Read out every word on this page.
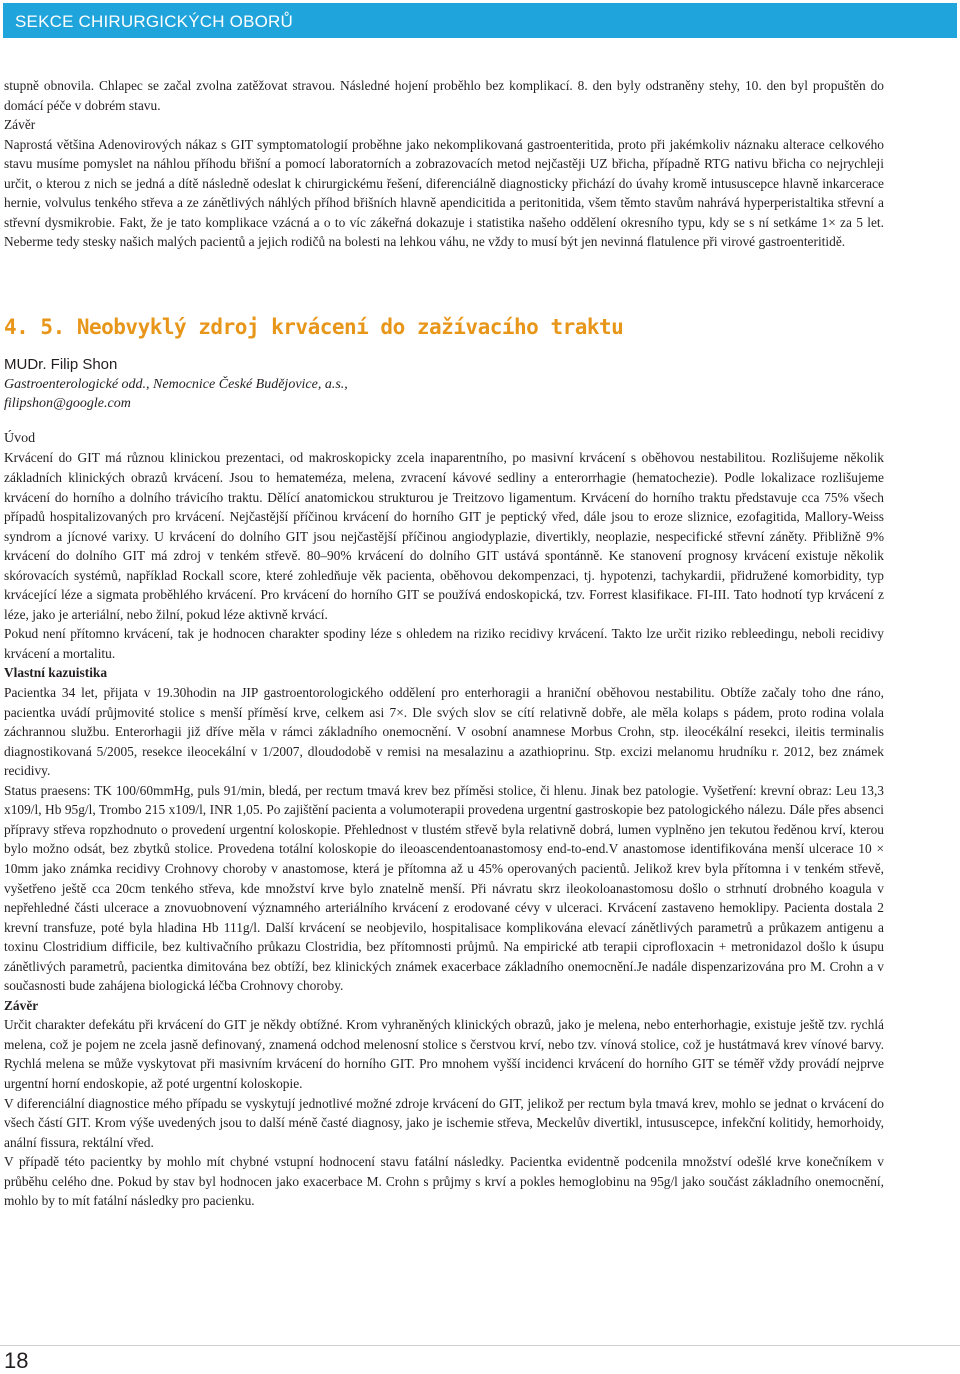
SEKCE CHIRURGICKÝCH OBORŮ

stupně obnovila. Chlapec se začal zvolna zatěžovat stravou. Následné hojení proběhlo bez komplikací. 8. den byly odstraněny stehy, 10. den byl propuštěn do domácí péče v dobrém stavu.

Závěr

Naprostá většina Adenovirových nákaz s GIT symptomatologií proběhne jako nekomplikovaná gastroenteritida, proto při jakémkoliv náznaku alterace celkového stavu musíme pomyslet na náhlou příhodu břišní a pomocí laboratorních a zobrazovacích metod nejčastěji UZ břicha, případně RTG nativu břicha co nejrychleji určit, o kterou z nich se jedná a dítě následně odeslat k chirurgickému řešení, diferenciálně diagnosticky přichází do úvahy kromě intususcepce hlavně inkarcerace hernie, volvulus tenkého střeva a ze zánětlivých náhlých příhod břišních hlavně apendicitida a peritonitida, všem těmto stavům nahrává hyperperistaltika střevní a střevní dysmikrobie. Fakt, že je tato komplikace vzácná a o to víc zákeřná dokazuje i statistika našeho oddělení okresního typu, kdy se s ní setkáme 1× za 5 let. Neberme tedy stesky našich malých pacientů a jejich rodičů na bolesti na lehkou váhu, ne vždy to musí být jen nevinná flatulence při virové gastroenteritidě.

4. 5. Neobvyklý zdroj krvácení do zažívacího traktu

MUDr. Filip Shon

Gastroenterologické odd., Nemocnice České Budějovice, a.s.,

filipshon@google.com

Úvod

Krvácení do GIT má různou klinickou prezentaci, od makroskopicky zcela inaparentního, po masivní krvácení s oběhovou nestabilitou. Rozlišujeme několik základních klinických obrazů krvácení. Jsou to hemateméza, melena, zvracení kávové sedliny a enterorrhagie (hematochezie). Podle lokalizace rozlišujeme krvácení do horního a dolního trávicího traktu. Dělící anatomickou strukturou je Treitzovo ligamentum. Krvácení do horního traktu představuje cca 75% všech případů hospitalizovaných pro krvácení. Nejčastější příčinou krvácení do horního GIT je peptický vřed, dále jsou to eroze sliznice, ezofagitida, Mallory-Weiss syndrom a jícnové varixy. U krvácení do dolního GIT jsou nejčastější příčinou angiodyplazie, divertikly, neoplazie, nespecifické střevní záněty. Přibližně 9% krvácení do dolního GIT má zdroj v tenkém střevě. 80–90% krvácení do dolního GIT ustává spontánně. Ke stanovení prognosy krvácení existuje několik skórovacích systémů, například Rockall score, které zohledňuje věk pacienta, oběhovou dekompenzaci, tj. hypotenzi, tachykardii, přidružené komorbidity, typ krvácející léze a sigmata proběhlého krvácení. Pro krvácení do horního GIT se používá endoskopická, tzv. Forrest klasifikace. FI-III. Tato hodnotí typ krvácení z léze, jako je arteriální, nebo žilní, pokud léze aktivně krvácí.

Pokud není přítomno krvácení, tak je hodnocen charakter spodiny léze s ohledem na riziko recidivy krvácení. Takto lze určit riziko rebleedingu, neboli recidivy krvácení a mortalitu.

Vlastní kazuistika

Pacientka 34 let, přijata v 19.30hodin na JIP gastroentorologického oddělení pro enterhoragii a hraniční oběhovou nestabilitu. Obtíže začaly toho dne ráno, pacientka uvádí průjmovité stolice s menší příměsí krve, celkem asi 7×. Dle svých slov se cítí relativně dobře, ale měla kolaps s pádem, proto rodina volala záchrannou službu. Enterorhagii již dříve měla v rámci základního onemocnění. V osobní anamnese Morbus Crohn, stp. ileocékální resekci, ileitis terminalis diagnostikovaná 5/2005, resekce ileocekální v 1/2007, dloudodobě v remisi na mesalazinu a azathioprinu. Stp. excizi melanomu hrudníku r. 2012, bez známek recidivy.

Status praesens: TK 100/60mmHg, puls 91/min, bledá, per rectum tmavá krev bez příměsi stolice, či hlenu. Jinak bez patologie. Vyšetření: krevní obraz: Leu 13,3 x109/l, Hb 95g/l, Trombo 215 x109/l, INR 1,05. Po zajištění pacienta a volumoterapii provedena urgentní gastroskopie bez patologického nálezu. Dále přes absenci přípravy střeva ropzhodnuto o provedení urgentní koloskopie. Přehlednost v tlustém střevě byla relativně dobrá, lumen vyplněno jen tekutou ředěnou krví, kterou bylo možno odsát, bez zbytků stolice. Provedena totální koloskopie do ileoascendentoanastomosy end-to-end.V anastomose identifikována menší ulcerace 10 × 10mm jako známka recidivy Crohnovy choroby v anastomose, která je přítomna až u 45% operovaných pacientů. Jelikož krev byla přítomna i v tenkém střevě, vyšetřeno ještě cca 20cm tenkého střeva, kde množství krve bylo znatelně menší. Při návratu skrz ileokoloanastomosu došlo o strhnutí drobného koagula v nepřehledné části ulcerace a znovuobnovení významného arteriálního krvácení z erodované cévy v ulceraci. Krvácení zastaveno hemoklipy. Pacienta dostala 2 krevní transfuze, poté byla hladina Hb 111g/l. Další krvácení se neobjevilo, hospitalisace komplikována elevací zánětlivých parametrů a průkazem antigenu a toxinu Clostridium difficile, bez kultivačního průkazu Clostridia, bez přítomnosti průjmů. Na empirické atb terapii ciprofloxacin + metronidazol došlo k úsupu zánětlivých parametrů, pacientka dimitována bez obtíží, bez klinických známek exacerbace základního onemocnění.Je nadále dispenzarizována pro M. Crohn a v současnosti bude zahájena biologická léčba Crohnovy choroby.

Závěr

Určit charakter defekátu při krvácení do GIT je někdy obtížné. Krom vyhraněných klinických obrazů, jako je melena, nebo enterhorhagie, existuje ještě tzv. rychlá melena, což je pojem ne zcela jasně definovaný, znamená odchod melenosní stolice s čerstvou krví, nebo tzv. vínová stolice, což je hustátmavá krev vínové barvy. Rychlá melena se může vyskytovat při masivním krvácení do horního GIT. Pro mnohem vyšší incidenci krvácení do horního GIT se téměř vždy provádí nejprve urgentní horní endoskopie, až poté urgentní koloskopie.

V diferenciální diagnostice mého případu se vyskytují jednotlivé možné zdroje krvácení do GIT, jelikož per rectum byla tmavá krev, mohlo se jednat o krvácení do všech částí GIT. Krom výše uvedených jsou to další méně časté diagnosy, jako je ischemie střeva, Meckelův divertikl, intususcepce, infekční kolitidy, hemorhoidy, anální fissura, rektální vřed.

V případě této pacientky by mohlo mít chybné vstupní hodnocení stavu fatální následky. Pacientka evidentně podcenila množství odešlé krve konečníkem v průběhu celého dne. Pokud by stav byl hodnocen jako exacerbace M. Crohn s průjmy s krví a pokles hemoglobinu na 95g/l jako součást základního onemocnění, mohlo by to mít fatální následky pro pacienku.

18
